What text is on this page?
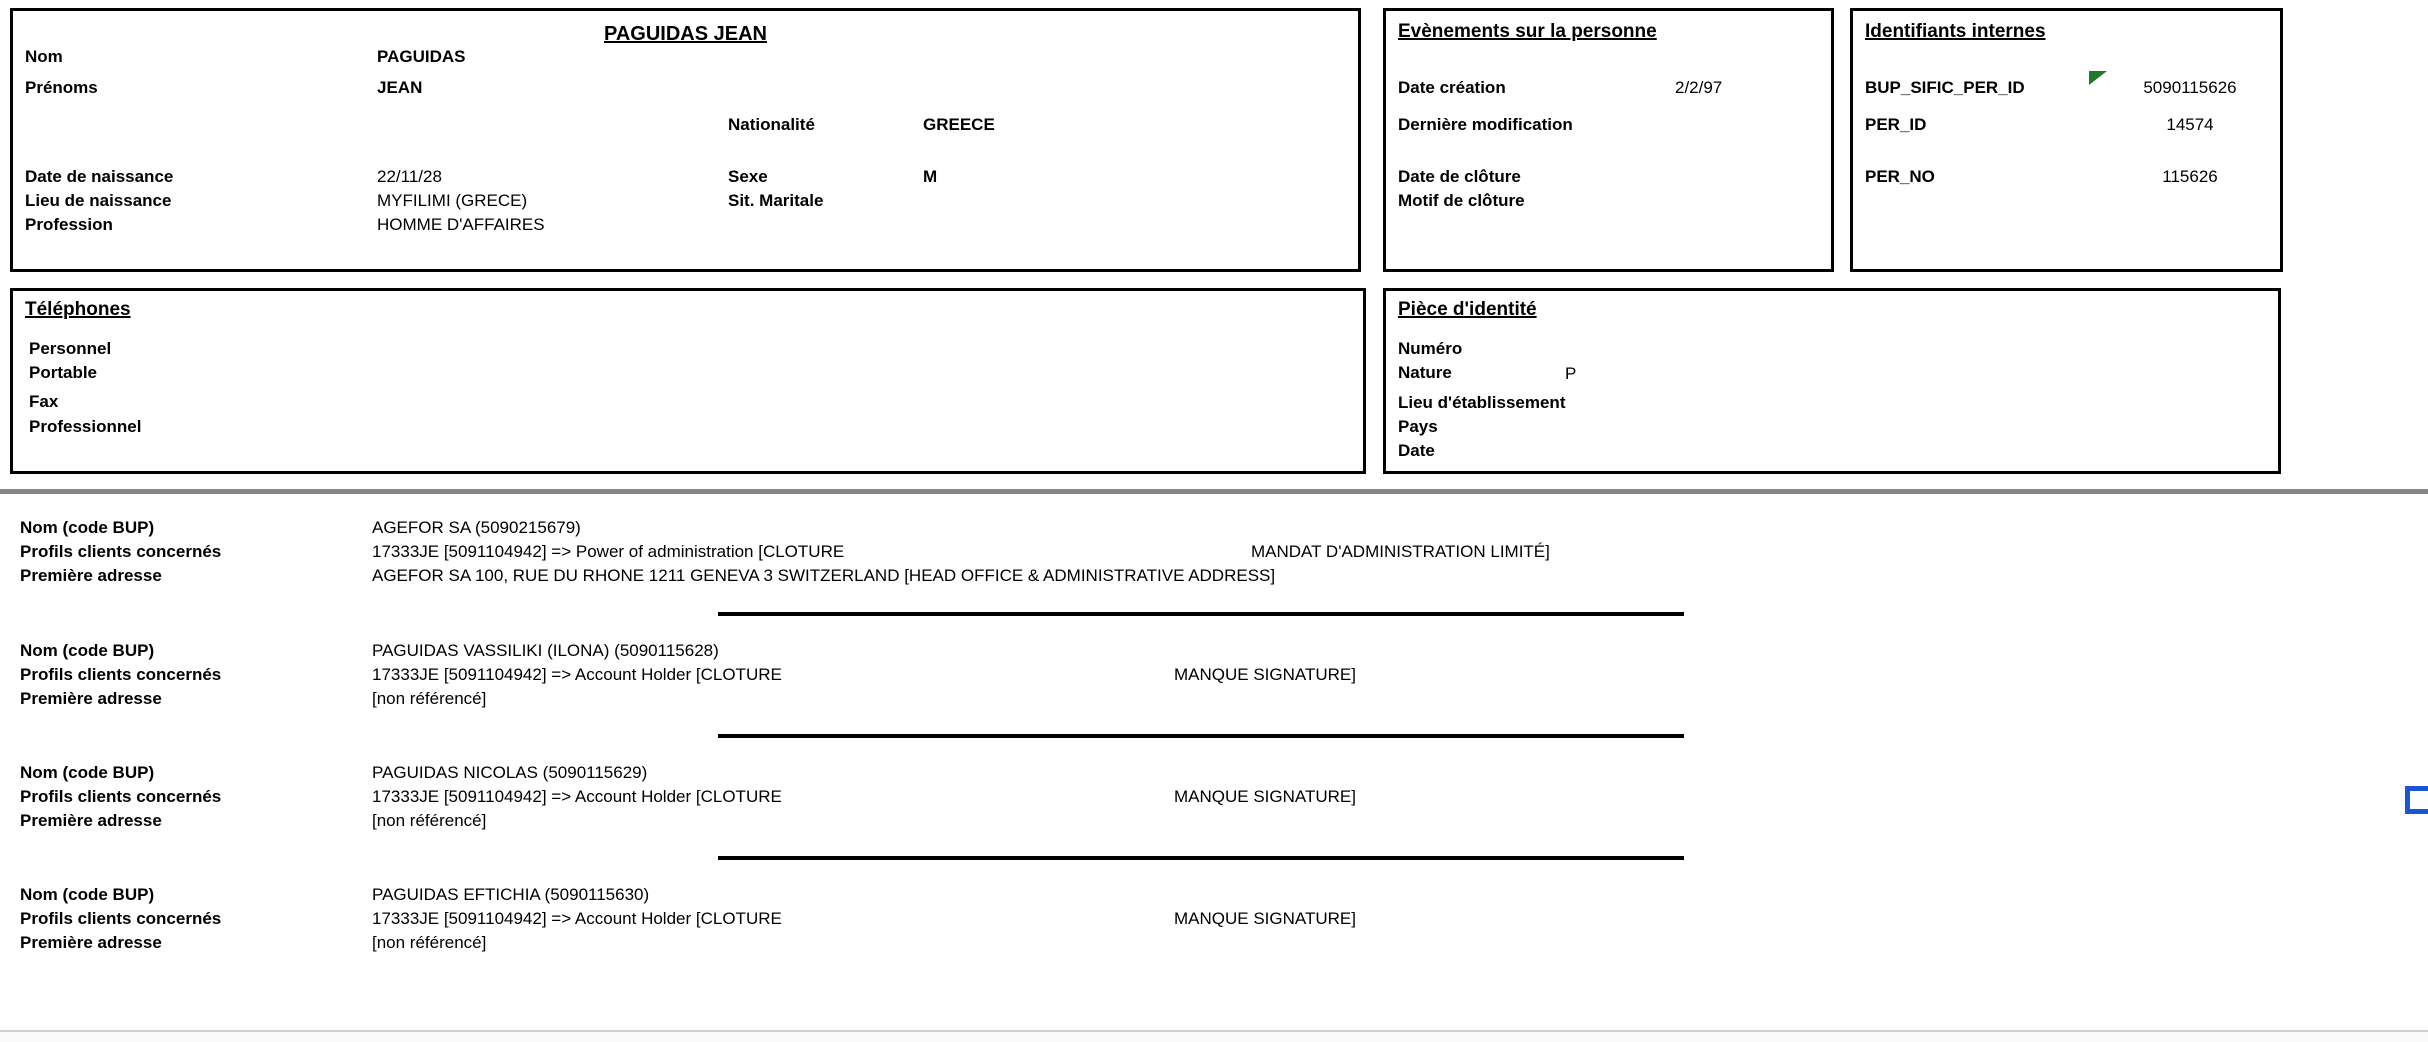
PAGUIDAS JEAN
Nom	PAGUIDAS
Prénoms	JEAN
Nationalité	GREECE
Date de naissance	22/11/28	Sexe	M
Lieu de naissance	MYFILIMI (GRECE)	Sit. Maritale
Profession	HOMME D'AFFAIRES
Evènements sur la personne
Date création	2/2/97
Dernière modification
Date de clôture
Motif de clôture
Identifiants internes
BUP_SIFIC_PER_ID	5090115626
PER_ID	14574
PER_NO	115626
Téléphones
Personnel
Portable
Fax
Professionnel
Pièce d'identité
Numéro
Nature	P
Lieu d'établissement
Pays
Date
Nom (code BUP)	AGEFOR SA (5090215679)
Profils clients concernés	17333JE [5091104942] => Power of administration [CLOTURE	MANDAT D'ADMINISTRATION LIMITÉ]
Première adresse	AGEFOR SA 100, RUE DU RHONE 1211 GENEVA 3 SWITZERLAND [HEAD OFFICE & ADMINISTRATIVE ADDRESS]
Nom (code BUP)	PAGUIDAS VASSILIKI (ILONA) (5090115628)
Profils clients concernés	17333JE [5091104942] => Account Holder [CLOTURE	MANQUE SIGNATURE]
Première adresse	[non référencé]
Nom (code BUP)	PAGUIDAS NICOLAS (5090115629)
Profils clients concernés	17333JE [5091104942] => Account Holder [CLOTURE	MANQUE SIGNATURE]
Première adresse	[non référencé]
Nom (code BUP)	PAGUIDAS EFTICHIA (5090115630)
Profils clients concernés	17333JE [5091104942] => Account Holder [CLOTURE	MANQUE SIGNATURE]
Première adresse	[non référencé]
